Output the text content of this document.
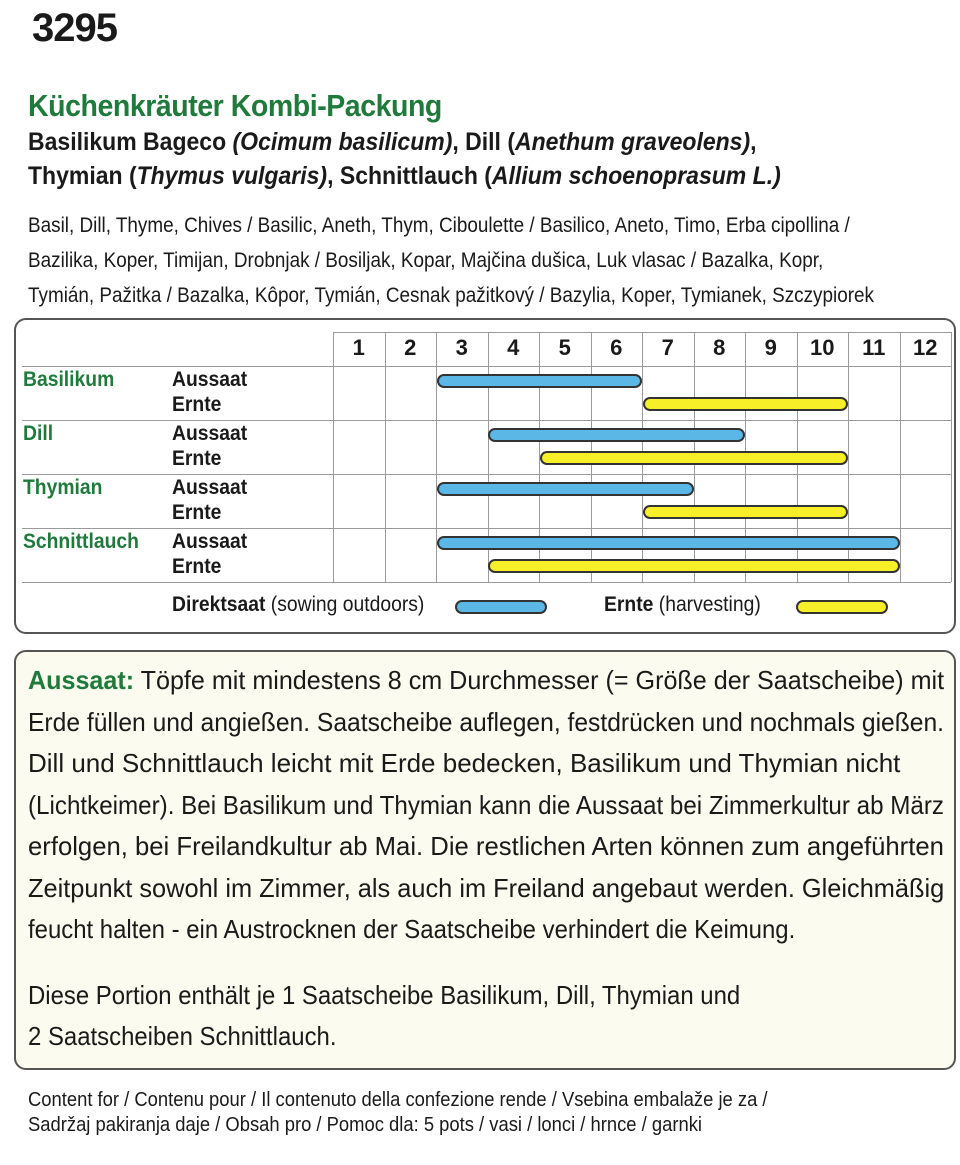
3295
Küchenkräuter Kombi-Packung
Basilikum Bageco (Ocimum basilicum), Dill (Anethum graveolens),
Thymian (Thymus vulgaris), Schnittlauch (Allium schoenoprasum L.)
Basil, Dill, Thyme, Chives / Basilic, Aneth, Thym, Ciboulette / Basilico, Aneto, Timo, Erba cipollina /
Bazilika, Koper, Timijan, Drobnjak / Bosiljak, Kopar, Majčina dušica, Luk vlasac / Bazalka, Kopr,
Tymián, Pažitka / Bazalka, Kôpor, Tymián, Cesnak pažitkový / Bazylia, Koper, Tymianek, Szczypiorek
1	2	3	4	5	6	7	8	9	10	11	12
Basilikum	Aussaat
Ernte
Dill	Aussaat
Ernte
Thymian	Aussaat
Ernte
Schnittlauch Aussaat
Ernte
Direktsaat (sowing outdoors)	Ernte (harvesting)
Aussaat: Töpfe mit mindestens 8 cm Durchmesser (= Größe der Saatscheibe) mit
Erde füllen und angießen. Saatscheibe auflegen, festdrücken und nochmals gießen.
Dill und Schnittlauch leicht mit Erde bedecken, Basilikum und Thymian nicht
(Lichtkeimer). Bei Basilikum und Thymian kann die Aussaat bei Zimmerkultur ab März
erfolgen, bei Freilandkultur ab Mai. Die restlichen Arten können zum angeführten
Zeitpunkt sowohl im Zimmer, als auch im Freiland angebaut werden. Gleichmäßig
feucht halten - ein Austrocknen der Saatscheibe verhindert die Keimung.
Diese Portion enthält je 1 Saatscheibe Basilikum, Dill, Thymian und
2 Saatscheiben Schnittlauch.
Content for / Contenu pour / Il contenuto della confezione rende / Vsebina embalaže je za /
Sadržaj pakiranja daje / Obsah pro / Pomoc dla: 5 pots / vasi / lonci / hrnce / garnki
